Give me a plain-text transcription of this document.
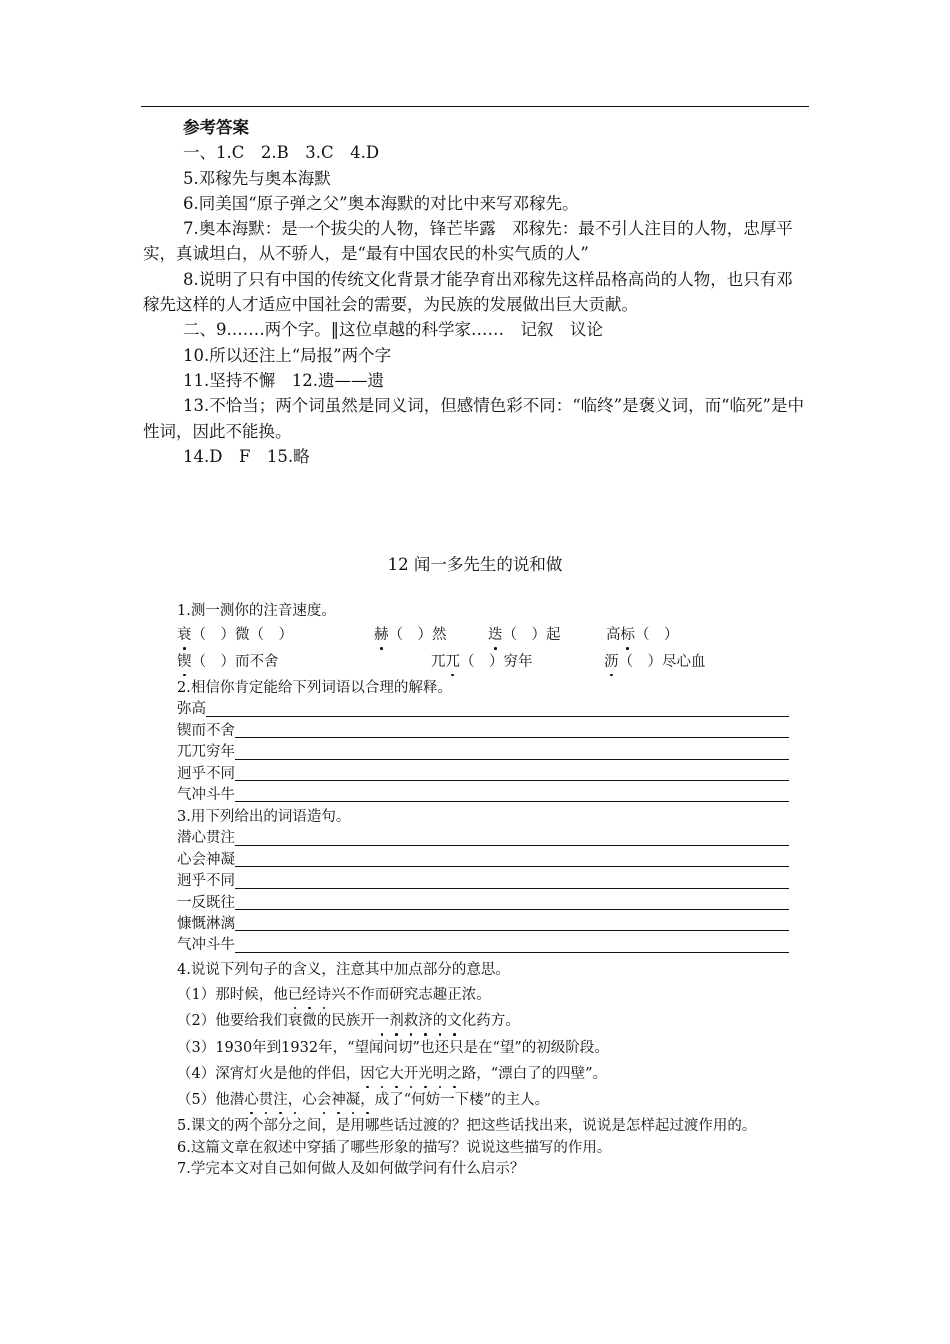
参考答案

一、1.C　2.B　3.C　4.D

5.邓稼先与奥本海默

6.同美国“原子弹之父”奥本海默的对比中来写邓稼先。

7.奥本海默：是一个拔尖的人物，锋芒毕露　邓稼先：最不引人注目的人物，忠厚平实，真诚坦白，从不骄人，是“最有中国农民的朴实气质的人”

8.说明了只有中国的传统文化背景才能孕育出邓稼先这样品格高尚的人物，也只有邓稼先这样的人才适应中国社会的需要，为民族的发展做出巨大贡献。

二、9.……两个字。‖这位卓越的科学家……　记叙　议论

10.所以还注上“局报”两个字

11.坚持不懈　12.遗——遗

13.不恰当；两个词虽然是同义词，但感情色彩不同：“临终”是褒义词，而“临死”是中性词，因此不能换。

14.D　F　15.略

12 闻一多先生的说和做
1.测一测你的注音速度。
衰（　 ）微（　 ）	赫（　 ）然	迭（　 ）起	高标（　 ）
锲（　 ）而不舍	兀兀（　 ）穷年	沥（　 ）尽心血
2.相信你肯定能给下列词语以合理的解释。
弥高
锲而不舍
兀兀穷年
迥乎不同
气冲斗牛
3.用下列给出的词语造句。
潜心贯注
心会神凝
迥乎不同
一反既往
慷慨淋漓
气冲斗牛
4.说说下列句子的含义，注意其中加点部分的意思。
（1）那时候，他已经诗兴不作而研究志趣正浓。
（2）他要给我们衰微的民族开一剂救济的文化药方。
（3）1930年到1932年，“望闻问切”也还只是在“望”的初级阶段。
（4）深宵灯火是他的伴侣，因它大开光明之路，“漂白了的四壁”。
（5）他潜心贯注，心会神凝，成了“何妨一下楼”的主人。

5.课文的两个部分之间，是用哪些话过渡的？把这些话找出来，说说是怎样起过渡作用的。

6.这篇文章在叙述中穿插了哪些形象的描写？说说这些描写的作用。

7.学完本文对自己如何做人及如何做学问有什么启示？
